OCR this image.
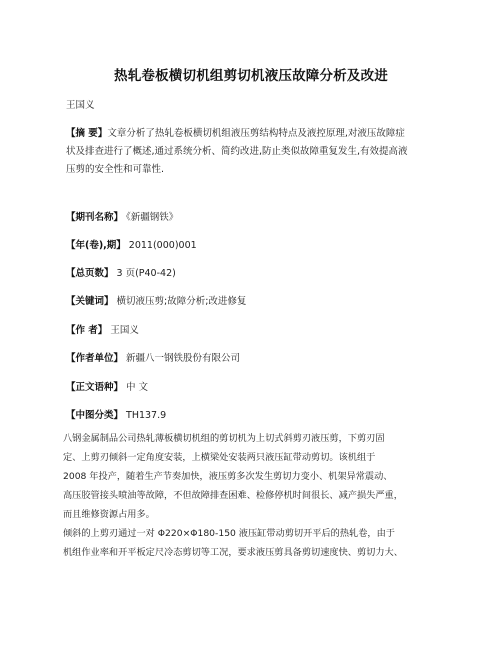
热轧卷板横切机组剪切机液压故障分析及改进
王国义
【摘 要】文章分析了热轧卷板横切机组液压剪结构特点及液控原理,对液压故障症
状及排查进行了概述,通过系统分析、简约改进,防止类似故障重复发生,有效提高液
压剪的安全性和可靠性.
【期刊名称】 《新疆钢铁》
【年(卷),期】 2011(000)001
【总页数】 3 页(P40-42)
【关键词】 横切液压剪;故障分析;改进修复
【作 者】 王国义
【作者单位】 新疆八一钢铁股份有限公司
【正文语种】 中 文
【中图分类】 TH137.9
八钢金属制品公司热轧薄板横切机组的剪切机为上切式斜剪刃液压剪，下剪刃固
定、上剪刃倾斜一定角度安装，上横梁处安装两只液压缸带动剪切。该机组于
2008 年投产，随着生产节奏加快，液压剪多次发生剪切力变小、机架异常震动、
高压胶管接头喷油等故障，不但故障排查困难、检修停机时间很长、减产损失严重，
而且维修资源占用多。
倾斜的上剪刃通过一对 Φ220×Φ180-150 液压缸带动剪切开平后的热轧卷，由于
机组作业率和开平板定尺冷态剪切等工况，要求液压剪具备剪切速度快、剪切力大、
